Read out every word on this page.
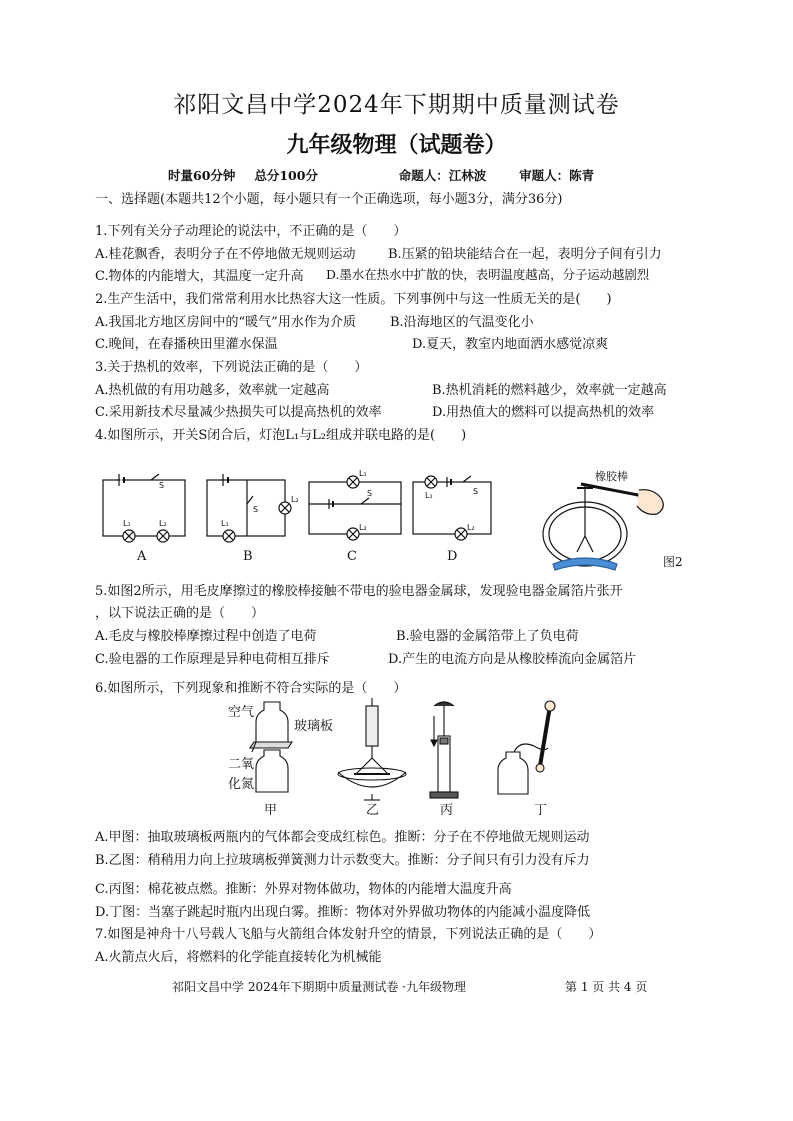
祁阳文昌中学2024年下期期中质量测试卷
九年级物理（试题卷）
时量60分钟 总分100分	命题人：江林波	审题人：陈青
一、选择题(本题共12个小题，每小题只有一个正确选项，每小题3分，满分36分)
1.下列有关分子动理论的说法中，不正确的是（　　）
A.桂花飘香，表明分子在不停地做无规则运动 B.压紧的铅块能结合在一起，表明分子间有引力
C.物体的内能增大，其温度一定升高 D.墨水在热水中扩散的快，表明温度越高，分子运动越剧烈
2.生产生活中，我们常常利用水比热容大这一性质。下列事例中与这一性质无关的是(　　)
A.我国北方地区房间中的“暖气”用水作为介质	B.沿海地区的气温变化小
C.晚间，在春播秧田里灌水保温	D.夏天，教室内地面洒水感觉凉爽
3.关于热机的效率，下列说法正确的是（　　）
A.热机做的有用功越多，效率就一定越高	B.热机消耗的燃料越少，效率就一定越高
C.采用新技术尽量减少热损失可以提高热机的效率	D.用热值大的燃料可以提高热机的效率
4.如图所示，开关S闭合后，灯泡L₁与L₂组成并联电路的是(　　)
S
L₁	L₂
S
L₂
L₁
L₁
S
L₂
L₁	S
L₂
A	B	C	D
橡胶棒
图2
5.如图2所示，用毛皮摩擦过的橡胶棒接触不带电的验电器金属球，发现验电器金属箔片张开
，以下说法正确的是（　　）
A.毛皮与橡胶棒摩擦过程中创造了电荷	B.验电器的金属箔带上了负电荷
C.验电器的工作原理是异种电荷相互排斥	D.产生的电流方向是从橡胶棒流向金属箔片
6.如图所示，下列现象和推断不符合实际的是（　　）
空气
玻璃板
二氧
化氮
甲	乙	丙	丁
A.甲图：抽取玻璃板两瓶内的气体都会变成红棕色。推断：分子在不停地做无规则运动
B.乙图：稍稍用力向上拉玻璃板弹簧测力计示数变大。推断：分子间只有引力没有斥力
C.丙图：棉花被点燃。推断：外界对物体做功，物体的内能增大温度升高
D.丁图：当塞子跳起时瓶内出现白雾。推断：物体对外界做功物体的内能减小温度降低
7.如图是神舟十八号载人飞船与火箭组合体发射升空的情景，下列说法正确的是（　　）
A.火箭点火后，将燃料的化学能直接转化为机械能
祁阳文昌中学 2024年下期期中质量测试卷 ·九年级物理	第 1 页 共 4 页
